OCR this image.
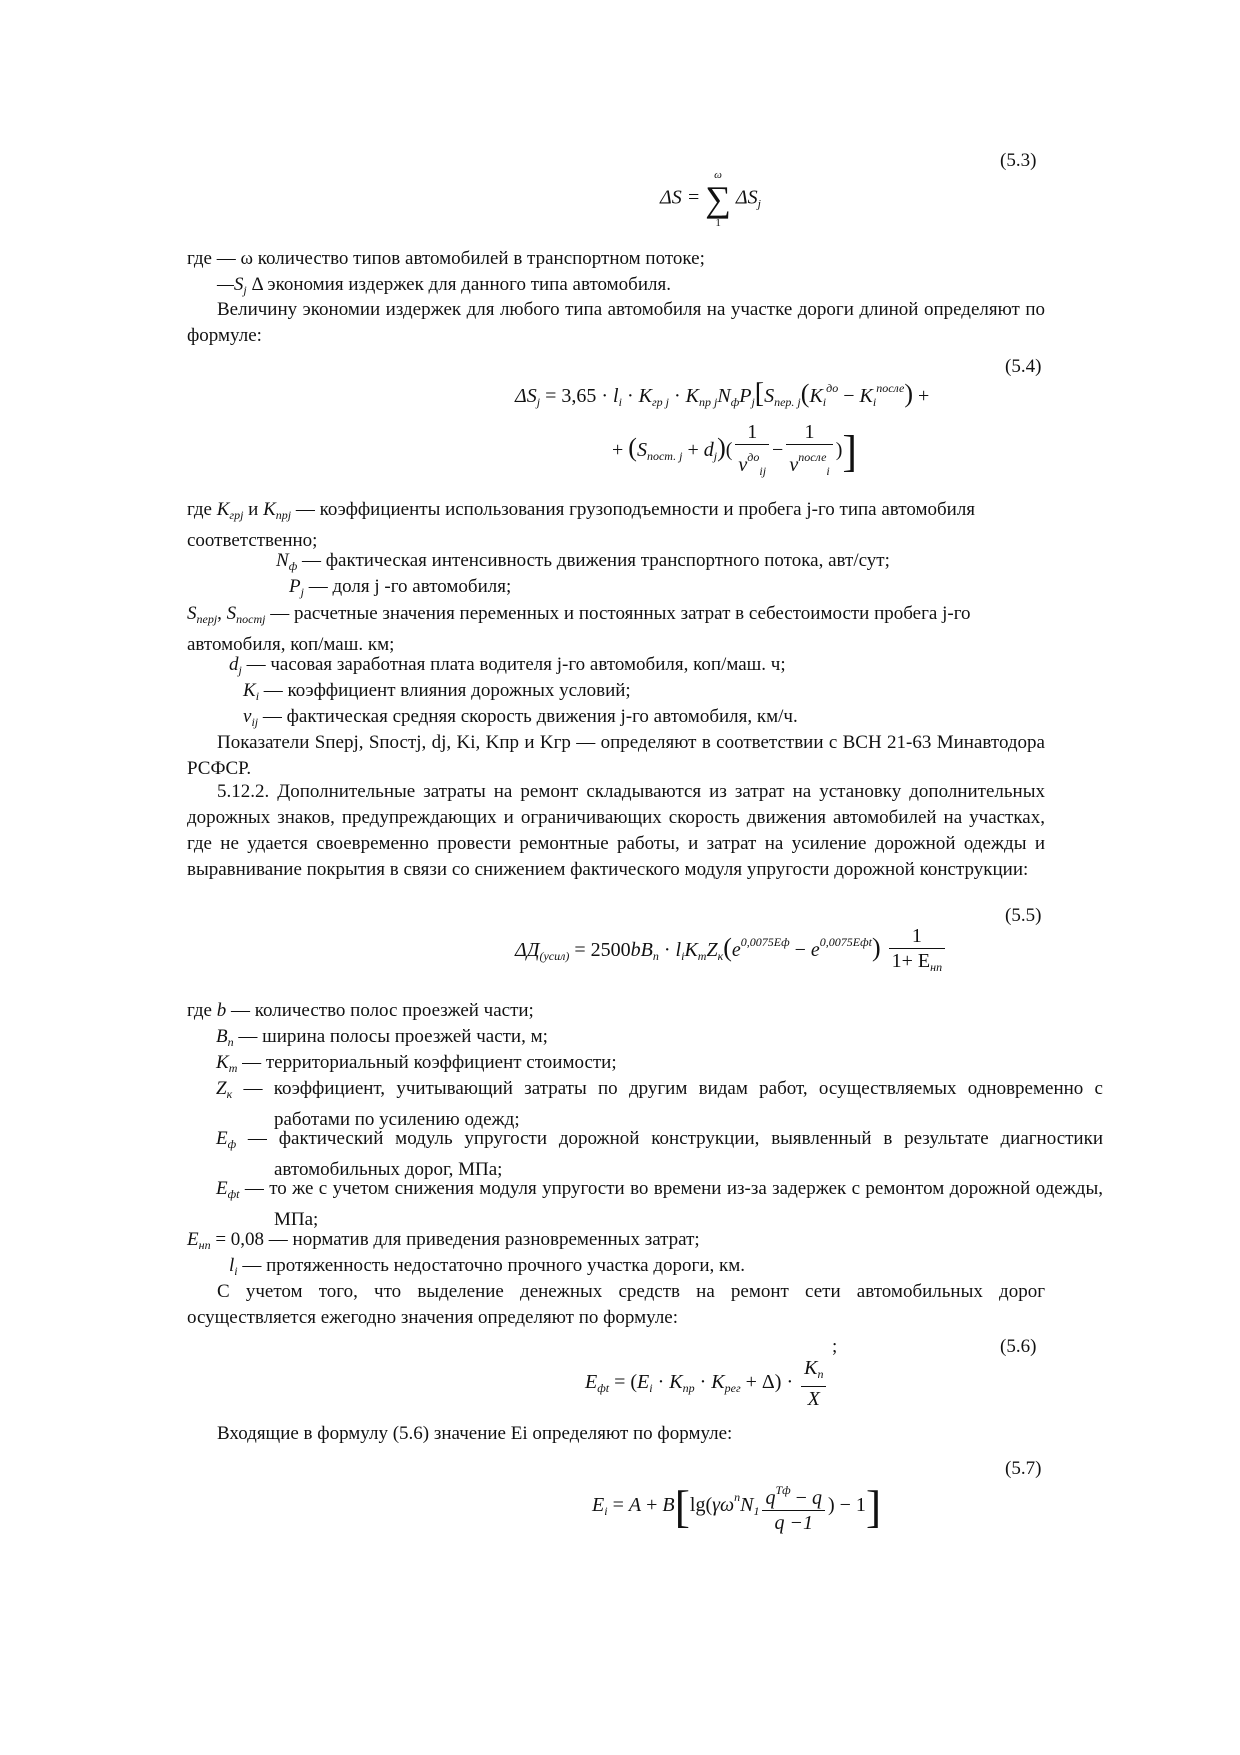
(5.3)
ΔS =
ω
∑
1
$\Delta S_j$
где — ω количество типов автомобилей в транспортном потоке;
$—S_j$ Δ экономия издержек для данного типа автомобиля.
Величину экономии издержек для любого типа автомобиля на участке дороги длиной определяют по формуле:
(5.4)
$\Delta S_j = 3,65 \cdot l_i \cdot K_{гр j} \cdot K_{пр j}N_фP_j[S_{пер. j}(K_i^{до} - K_i^{после})$ +
+ $(S_{пост. j} + d_j)( \frac{1}{v^{до}_{ij}} - \frac{1}{v^{после}_i}$ )]
где $K_{грj}$ и $K_{прj}$ — коэффициенты использования грузоподъемности и пробега j-го типа автомобиля соответственно;
$N_ф$ — фактическая интенсивность движения транспортного потока, авт/сут;
$P_j$ — доля j -го автомобиля;
$S_{перj}$, $S_{постj}$ — расчетные значения переменных и постоянных затрат в себестоимости пробега j-го автомобиля, коп/маш. км;
$d_j$ — часовая заработная плата водителя j-го автомобиля, коп/маш. ч;
$K_i$ — коэффициент влияния дорожных условий;
$v_{ij}$ — фактическая средняя скорость движения j-го автомобиля, км/ч.
Показатели Sперj, Sпостj, dj, Ki, Kпр и Kгр — определяют в соответствии с ВСН 21-63 Минавтодора РСФСР.
5.12.2. Дополнительные затраты на ремонт складываются из затрат на установку дополнительных дорожных знаков, предупреждающих и ограничивающих скорость движения автомобилей на участках, где не удается своевременно провести ремонтные работы, и затрат на усиление дорожной одежды и выравнивание покрытия в связи со снижением фактического модуля упругости дорожной конструкции:
(5.5)
$\Delta Д_{(усил)} = 2500bB_п \cdot l_iK_тZ_к(e^{0,0075Eф} - e^{0,0075Eфt}) \frac{1}{1+ E_{нп}}$
где b — количество полос проезжей части;
$B_п$ — ширина полосы проезжей части, м;
$K_т$ — территориальный коэффициент стоимости;
$Z_к$ — коэффициент, учитывающий затраты по другим видам работ, осуществляемых одновременно с работами по усилению одежд;
$E_ф$ — фактический модуль упругости дорожной конструкции, выявленный в результате диагностики автомобильных дорог, МПа;
$E_{фt}$ — то же с учетом снижения модуля упругости во времени из-за задержек с ремонтом дорожной одежды, МПа;
$E_{нп} = 0,08$ — норматив для приведения разновременных затрат;
$l_i$ — протяженность недостаточно прочного участка дороги, км.
С учетом того, что выделение денежных средств на ремонт сети автомобильных дорог осуществляется ежегодно значения определяют по формуле:
;	(5.6)
$E_{фt} = (E_i \cdot K_{пр} \cdot K_{рег} + \Delta) \cdot \frac{K_п}{X}$
Входящие в формулу (5.6) значение Ei определяют по формуле:
(5.7)
$E_i = A + B[\lg(\gamma\omega^nN_1 \frac{q^{Tф} - q}{q -1}$ ) − 1]
